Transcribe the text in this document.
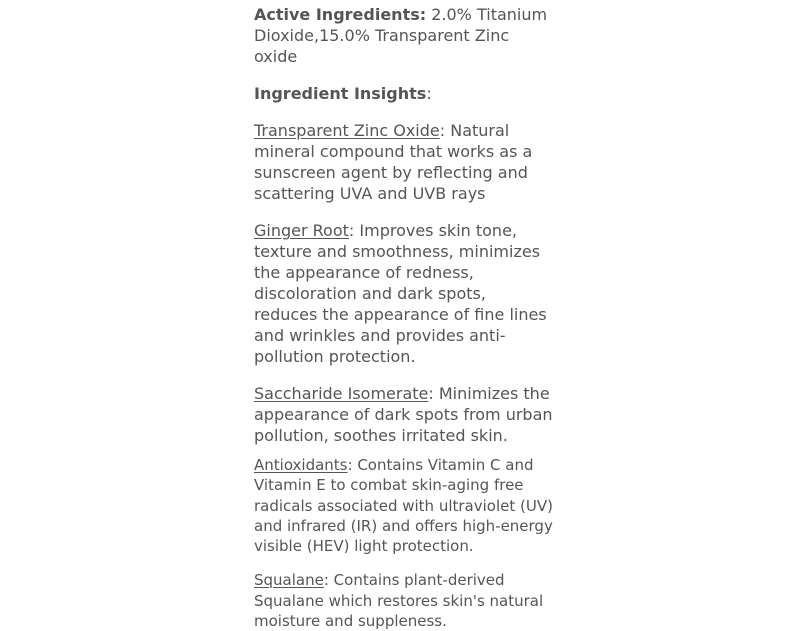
Active Ingredients: 2.0% Titanium Dioxide,15.0% Transparent Zinc oxide

Ingredient Insights:

Transparent Zinc Oxide: Natural mineral compound that works as a sunscreen agent by reflecting and scattering UVA and UVB rays

Ginger Root: Improves skin tone, texture and smoothness, minimizes the appearance of redness, discoloration and dark spots, reduces the appearance of fine lines and wrinkles and provides anti-pollution protection.

Saccharide Isomerate: Minimizes the appearance of dark spots from urban pollution, soothes irritated skin.

Antioxidants: Contains Vitamin C and Vitamin E to combat skin-aging free radicals associated with ultraviolet (UV) and infrared (IR) and offers high-energy visible (HEV) light protection.

Squalane: Contains plant-derived Squalane which restores skin's natural moisture and suppleness.
